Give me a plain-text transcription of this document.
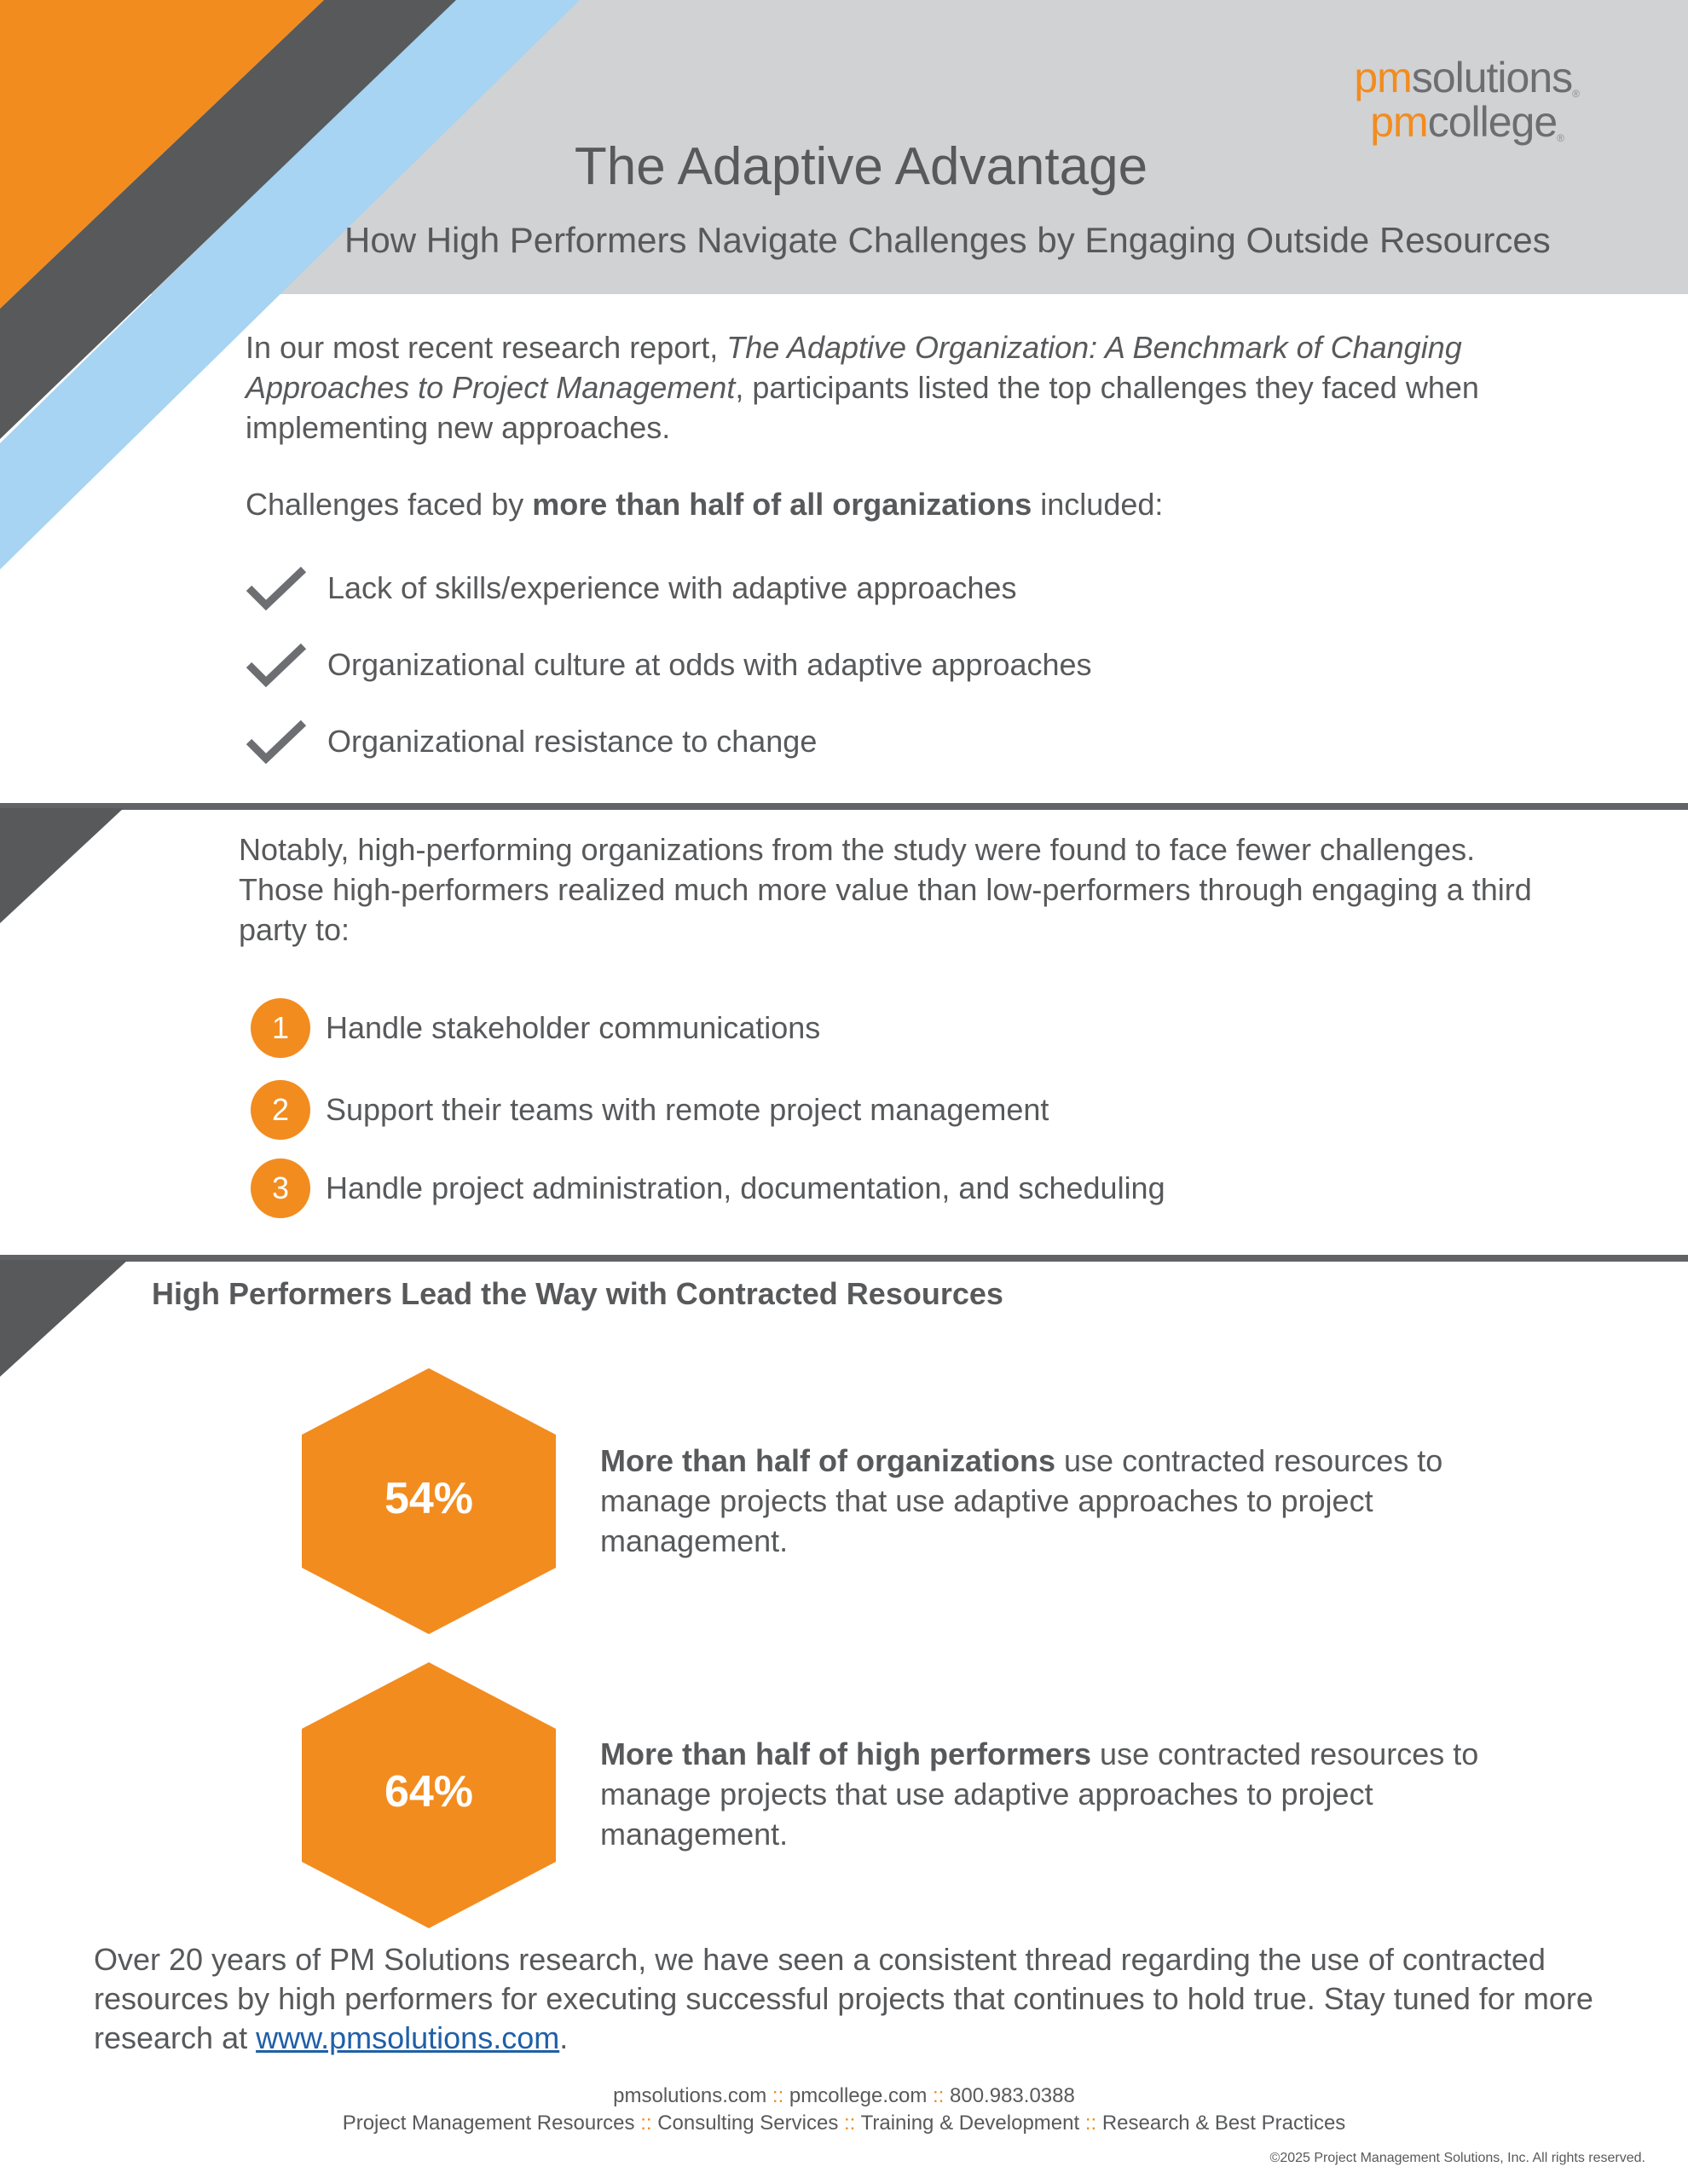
pmsolutions®
pmcollege®
The Adaptive Advantage
How High Performers Navigate Challenges by Engaging Outside Resources
In our most recent research report, The Adaptive Organization: A Benchmark of Changing Approaches to Project Management, participants listed the top challenges they faced when implementing new approaches.
Challenges faced by more than half of all organizations included:
Lack of skills/experience with adaptive approaches
Organizational culture at odds with adaptive approaches
Organizational resistance to change
Notably, high-performing organizations from the study were found to face fewer challenges. Those high-performers realized much more value than low-performers through engaging a third party to:
1	Handle stakeholder communications
2	Support their teams with remote project management
3	Handle project administration, documentation, and scheduling
High Performers Lead the Way with Contracted Resources
54%
More than half of organizations use contracted resources to manage projects that use adaptive approaches to project management.
64%
More than half of high performers use contracted resources to manage projects that use adaptive approaches to project management.
Over 20 years of PM Solutions research, we have seen a consistent thread regarding the use of contracted resources by high performers for executing successful projects that continues to hold true. Stay tuned for more research at www.pmsolutions.com.
pmsolutions.com :: pmcollege.com :: 800.983.0388
Project Management Resources :: Consulting Services :: Training & Development :: Research & Best Practices
©2025 Project Management Solutions, Inc. All rights reserved.
